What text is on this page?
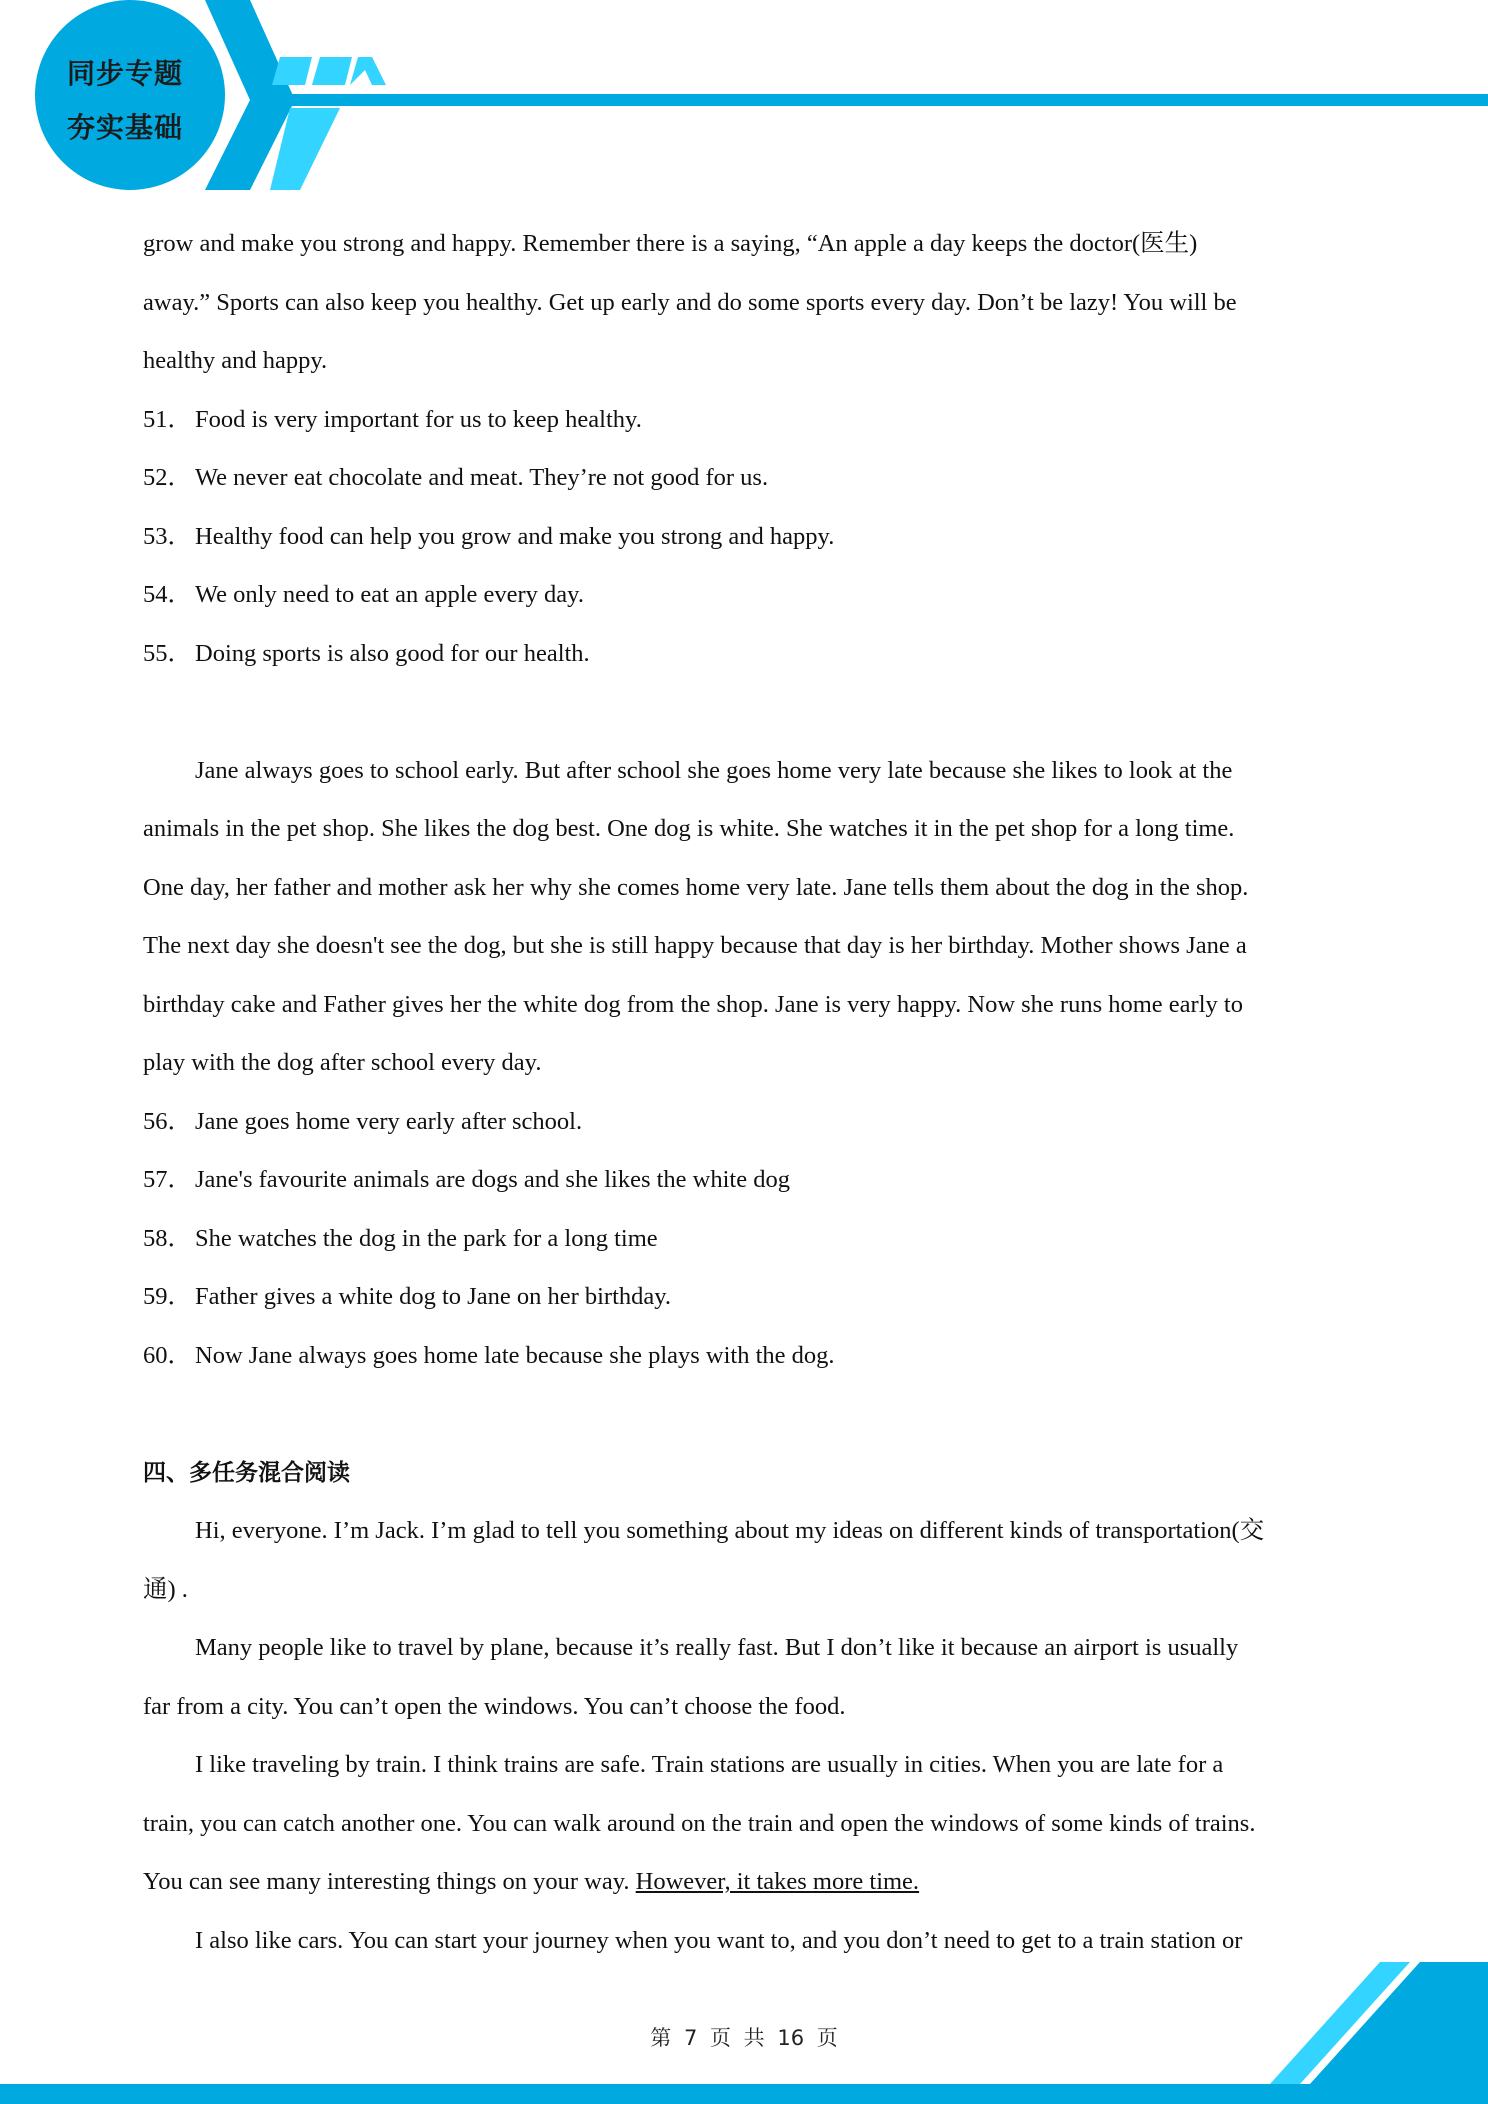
同步专题
夯实基础
grow and make you strong and happy. Remember there is a saying, “An apple a day keeps the doctor(医生)
away.” Sports can also keep you healthy. Get up early and do some sports every day. Don’t be lazy! You will be
healthy and happy.
51． Food is very important for us to keep healthy.
52． We never eat chocolate and meat. They’re not good for us.
53． Healthy food can help you grow and make you strong and happy.
54． We only need to eat an apple every day.
55． Doing sports is also good for our health.
Jane always goes to school early. But after school she goes home very late because she likes to look at the
animals in the pet shop. She likes the dog best. One dog is white. She watches it in the pet shop for a long time.
One day, her father and mother ask her why she comes home very late. Jane tells them about the dog in the shop.
The next day she doesn't see the dog, but she is still happy because that day is her birthday. Mother shows Jane a
birthday cake and Father gives her the white dog from the shop. Jane is very happy. Now she runs home early to
play with the dog after school every day.
56． Jane goes home very early after school.
57． Jane's favourite animals are dogs and she likes the white dog
58． She watches the dog in the park for a long time
59． Father gives a white dog to Jane on her birthday.
60． Now Jane always goes home late because she plays with the dog.
四、多任务混合阅读
Hi, everyone. I’m Jack. I’m glad to tell you something about my ideas on different kinds of transportation(交
通) .
Many people like to travel by plane, because it’s really fast. But I don’t like it because an airport is usually
far from a city. You can’t open the windows. You can’t choose the food.
I like traveling by train. I think trains are safe. Train stations are usually in cities. When you are late for a
train, you can catch another one. You can walk around on the train and open the windows of some kinds of trains.
You can see many interesting things on your way. However, it takes more time.
I also like cars. You can start your journey when you want to, and you don’t need to get to a train station or
第 7 页 共 16 页
